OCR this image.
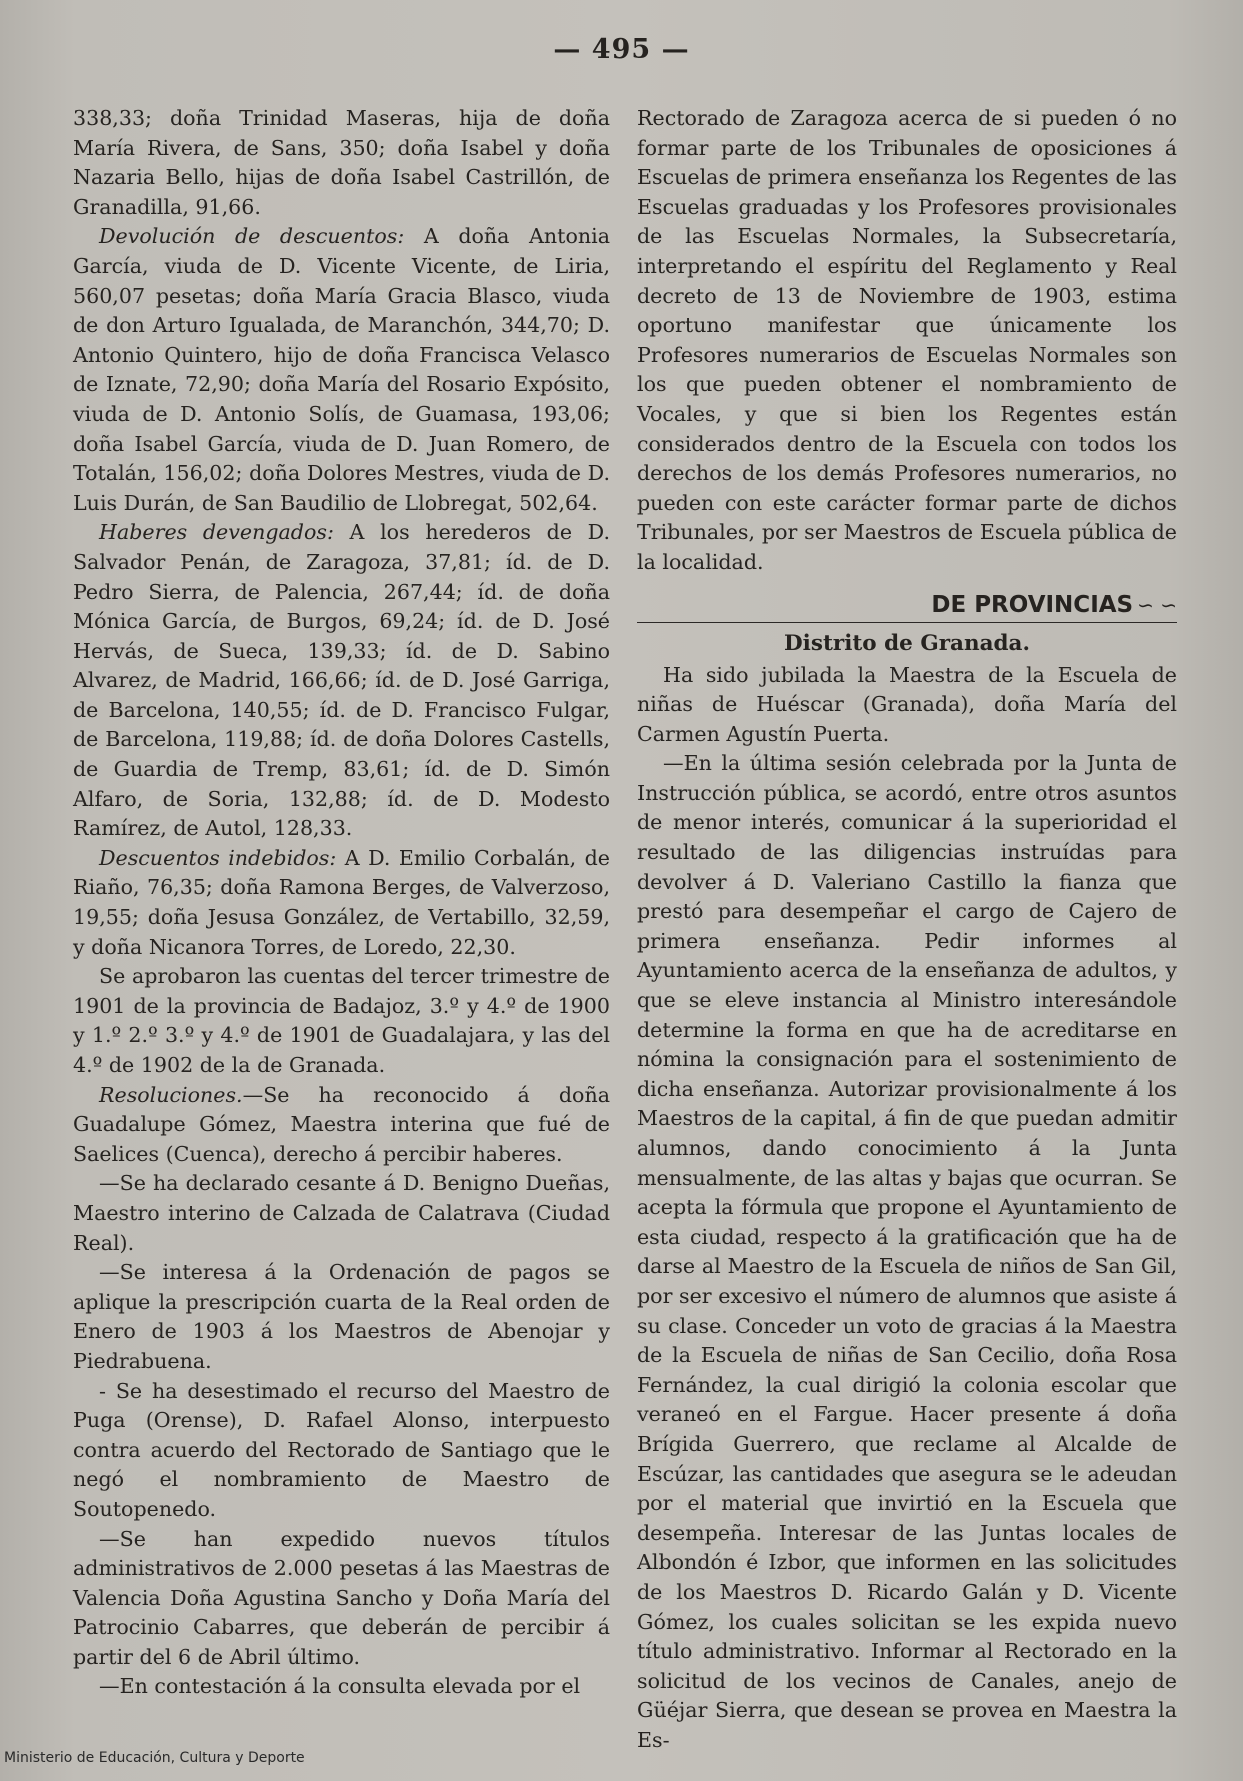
— 495 —

338,33; doña Trinidad Maseras, hija de doña María Rivera, de Sans, 350; doña Isabel y doña Nazaria Bello, hijas de doña Isabel Castrillón, de Granadilla, 91,66.

Devolución de descuentos: A doña Antonia García, viuda de D. Vicente Vicente, de Liria, 560,07 pesetas; doña María Gracia Blasco, viuda de don Arturo Igualada, de Maranchón, 344,70; D. Antonio Quintero, hijo de doña Francisca Velasco de Iznate, 72,90; doña María del Rosario Expósito, viuda de D. Antonio Solís, de Guamasa, 193,06; doña Isabel García, viuda de D. Juan Romero, de Totalán, 156,02; doña Dolores Mestres, viuda de D. Luis Durán, de San Baudilio de Llobregat, 502,64.

Haberes devengados: A los herederos de D. Salvador Penán, de Zaragoza, 37,81; íd. de D. Pedro Sierra, de Palencia, 267,44; íd. de doña Mónica García, de Burgos, 69,24; íd. de D. José Hervás, de Sueca, 139,33; íd. de D. Sabino Alvarez, de Madrid, 166,66; íd. de D. José Garriga, de Barcelona, 140,55; íd. de D. Francisco Fulgar, de Barcelona, 119,88; íd. de doña Dolores Castells, de Guardia de Tremp, 83,61; íd. de D. Simón Alfaro, de Soria, 132,88; íd. de D. Modesto Ramírez, de Autol, 128,33.

Descuentos indebidos: A D. Emilio Corbalán, de Riaño, 76,35; doña Ramona Berges, de Valverzoso, 19,55; doña Jesusa González, de Vertabillo, 32,59, y doña Nicanora Torres, de Loredo, 22,30.

Se aprobaron las cuentas del tercer trimestre de 1901 de la provincia de Badajoz, 3.º y 4.º de 1900 y 1.º 2.º 3.º y 4.º de 1901 de Guadalajara, y las del 4.º de 1902 de la de Granada.

Resoluciones.—Se ha reconocido á doña Guadalupe Gómez, Maestra interina que fué de Saelices (Cuenca), derecho á percibir haberes.

—Se ha declarado cesante á D. Benigno Dueñas, Maestro interino de Calzada de Calatrava (Ciudad Real).

—Se interesa á la Ordenación de pagos se aplique la prescripción cuarta de la Real orden de Enero de 1903 á los Maestros de Abenojar y Piedrabuena.

- Se ha desestimado el recurso del Maestro de Puga (Orense), D. Rafael Alonso, interpuesto contra acuerdo del Rectorado de Santiago que le negó el nombramiento de Maestro de Soutopenedo.

—Se han expedido nuevos títulos administrativos de 2.000 pesetas á las Maestras de Valencia Doña Agustina Sancho y Doña María del Patrocinio Cabarres, que deberán de percibir á partir del 6 de Abril último.

—En contestación á la consulta elevada por el

Rectorado de Zaragoza acerca de si pueden ó no formar parte de los Tribunales de oposiciones á Escuelas de primera enseñanza los Regentes de las Escuelas graduadas y los Profesores provisionales de las Escuelas Normales, la Subsecretaría, interpretando el espíritu del Reglamento y Real decreto de 13 de Noviembre de 1903, estima oportuno manifestar que únicamente los Profesores numerarios de Escuelas Normales son los que pueden obtener el nombramiento de Vocales, y que si bien los Regentes están considerados dentro de la Escuela con todos los derechos de los demás Profesores numerarios, no pueden con este carácter formar parte de dichos Tribunales, por ser Maestros de Escuela pública de la localidad.

DE PROVINCIAS ∽ ∽
Distrito de Granada.

Ha sido jubilada la Maestra de la Escuela de niñas de Huéscar (Granada), doña María del Carmen Agustín Puerta.

—En la última sesión celebrada por la Junta de Instrucción pública, se acordó, entre otros asuntos de menor interés, comunicar á la superioridad el resultado de las diligencias instruídas para devolver á D. Valeriano Castillo la fianza que prestó para desempeñar el cargo de Cajero de primera enseñanza. Pedir informes al Ayuntamiento acerca de la enseñanza de adultos, y que se eleve instancia al Ministro interesándole determine la forma en que ha de acreditarse en nómina la consignación para el sostenimiento de dicha enseñanza. Autorizar provisionalmente á los Maestros de la capital, á fin de que puedan admitir alumnos, dando conocimiento á la Junta mensualmente, de las altas y bajas que ocurran. Se acepta la fórmula que propone el Ayuntamiento de esta ciudad, respecto á la gratificación que ha de darse al Maestro de la Escuela de niños de San Gil, por ser excesivo el número de alumnos que asiste á su clase. Conceder un voto de gracias á la Maestra de la Escuela de niñas de San Cecilio, doña Rosa Fernández, la cual dirigió la colonia escolar que veraneó en el Fargue. Hacer presente á doña Brígida Guerrero, que reclame al Alcalde de Escúzar, las cantidades que asegura se le adeudan por el material que invirtió en la Escuela que desempeña. Interesar de las Juntas locales de Albondón é Izbor, que informen en las solicitudes de los Maestros D. Ricardo Galán y D. Vicente Gómez, los cuales solicitan se les expida nuevo título administrativo. Informar al Rectorado en la solicitud de los vecinos de Canales, anejo de Güéjar Sierra, que desean se provea en Maestra la Es-

Ministerio de Educación, Cultura y Deporte
